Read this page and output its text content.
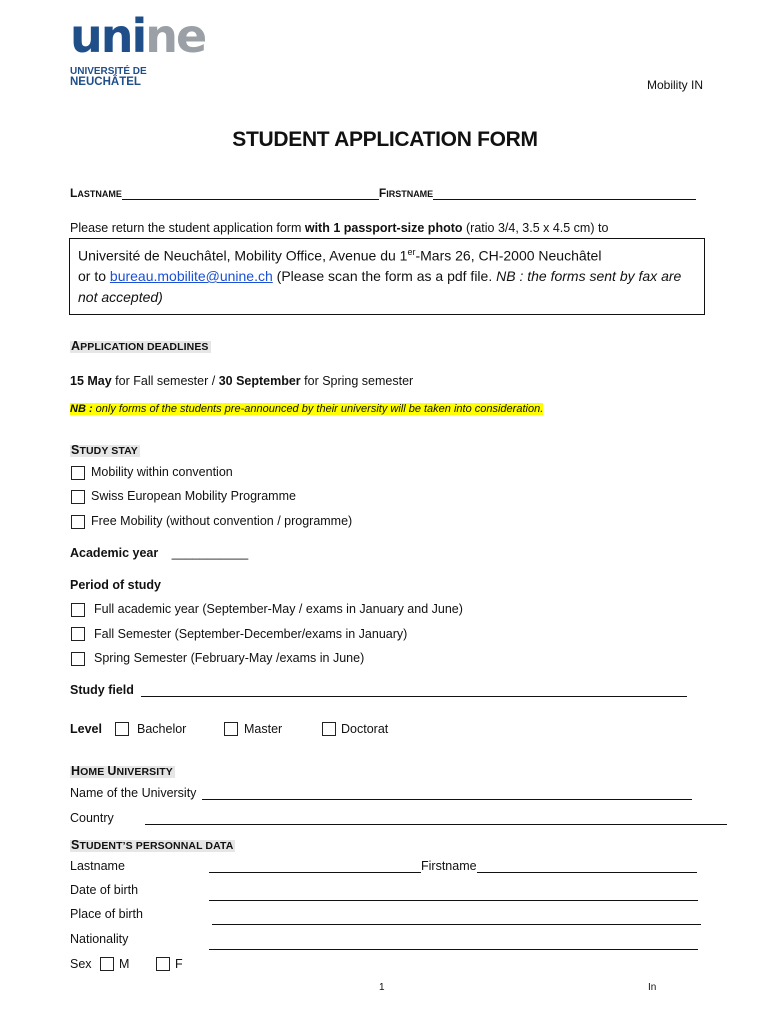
unine
UNIVERSITÉ DE
NEUCHÂTEL	Mobility IN
STUDENT APPLICATION FORM
LASTNAME	FIRSTNAME
Please return the student application form with 1 passport-size photo (ratio 3/4, 3.5 x 4.5 cm) to
Université de Neuchâtel, Mobility Office, Avenue du 1er-Mars 26, CH-2000 Neuchâtel
or to bureau.mobilite@unine.ch (Please scan the form as a pdf file. NB : the forms sent by fax are
not accepted)
APPLICATION DEADLINES
15 May for Fall semester / 30 September for Spring semester
NB : only forms of the students pre-announced by their university will be taken into consideration.
STUDY STAY
Mobility within convention
Swiss European Mobility Programme
Free Mobility (without convention / programme)
Academic year ___________
Period of study
Full academic year (September-May / exams in January and June)
Fall Semester (September-December/exams in January)
Spring Semester (February-May /exams in June)
Study field
Level	Bachelor	Master	Doctorat
HOME UNIVERSITY
Name of the University
Country
STUDENT’S PERSONNAL DATA
Lastname	Firstname
Date of birth
Place of birth
Nationality
Sex M	F
1	In
